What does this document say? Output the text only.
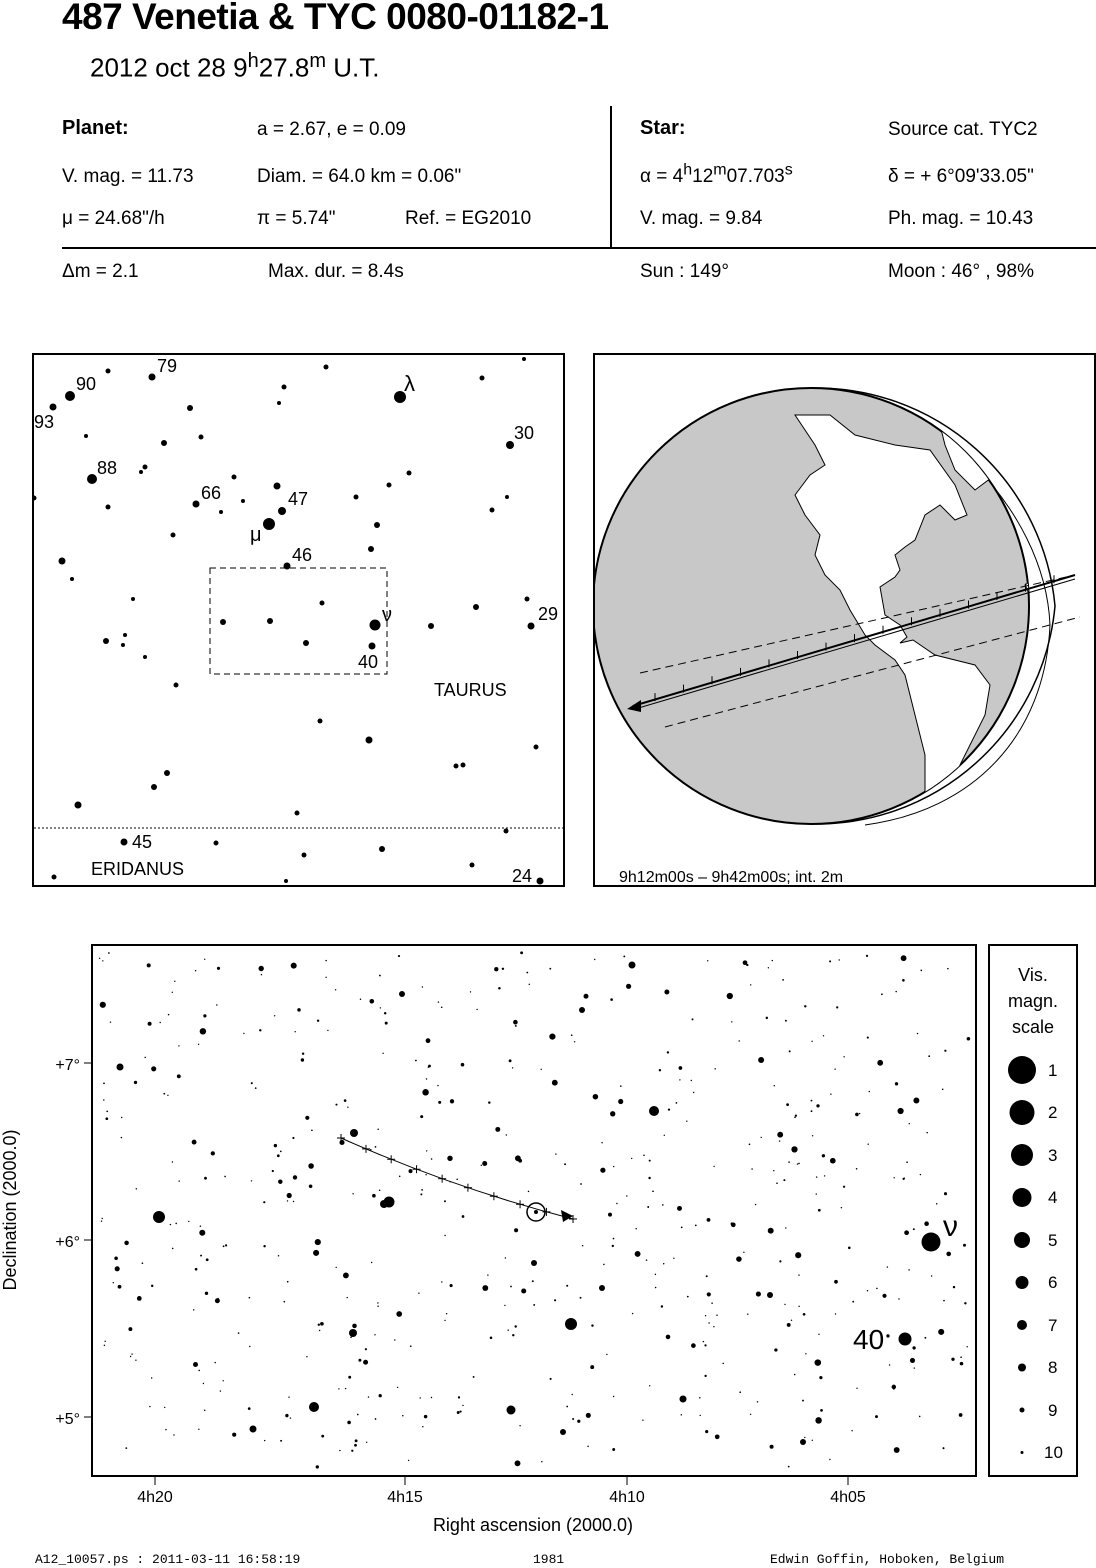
487 Venetia & TYC 0080-01182-1
2012 oct 28 9$^h$27.8$^m$ U.T.
Planet:	a = 2.67, e = 0.09
V. mag. = 11.73	Diam. = 64.0 km = 0.06"
μ = 24.68"/h	π = 5.74"	Ref. = EG2010
Star:	Source cat. TYC2
$\alpha = 4^h12^m07.703^s$	δ = + 6°09'33.05"
V. mag. = 9.84	Ph. mag. = 10.43
Δm = 2.1	Max. dur. = 8.4s	Sun : 149°	Moon : 46° , 98%
79
90
93
30
88
66	47
46
29
40
45
24
λ
μ
ν
TAURUS
ERIDANUS	9h12m00s – 9h42m00s; int. 2m
ν
40
+7°
+6°
+5°
4h20	4h15	4h10	4h05
Right ascension (2000.0)
Declination (2000.0)
Vis.
magn.
scale
1
2
3
4
5
6
7
8
9
10
A12_10057.ps : 2011-03-11 16:58:19	1981	Edwin Goffin, Hoboken, Belgium
